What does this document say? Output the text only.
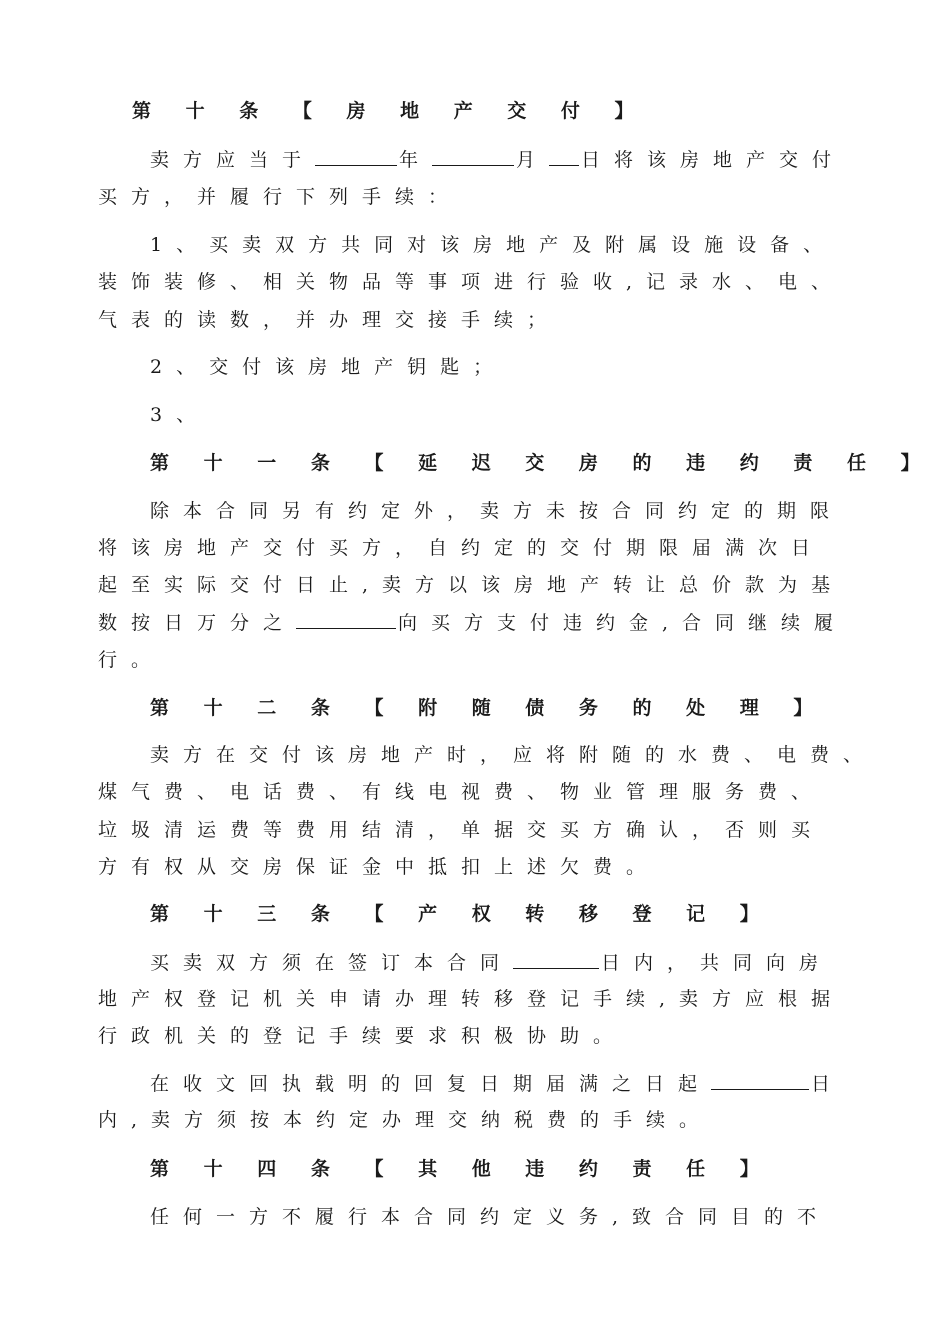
第 十 条 【 房 地 产 交 付 】
卖方应当于	年	月 日将该房地产交付
买方，并履行下列手续：
1、买卖双方共同对该房地产及附属设施设备、
装饰装修、相关物品等事项进行验收,记录水、电、
气表的读数，并办理交接手续；
2、交付该房地产钥匙；
3、
第 十 一 条 【 延 迟 交 房 的 违 约 责 任 】
除本合同另有约定外，卖方未按合同约定的期限
将该房地产交付买方，自约定的交付期限届满次日
起至实际交付日止,卖方以该房地产转让总价款为基
数按日万分之	向买方支付违约金,合同继续履
行。
第 十 二 条 【 附 随 债 务 的 处 理 】
卖方在交付该房地产时，应将附随的水费、电费、
煤气费、电话费、有线电视费、物业管理服务费、
垃圾清运费等费用结清，单据交买方确认，否则买
方有权从交房保证金中抵扣上述欠费。
第 十 三 条 【 产 权 转 移 登 记 】
买卖双方须在签订本合同	日内，共同向房
地产权登记机关申请办理转移登记手续,卖方应根据
行政机关的登记手续要求积极协助。
在收文回执载明的回复日期届满之日起	日
内,卖方须按本约定办理交纳税费的手续。
第 十 四 条 【 其 他 违 约 责 任 】
任何一方不履行本合同约定义务,致合同目的不
